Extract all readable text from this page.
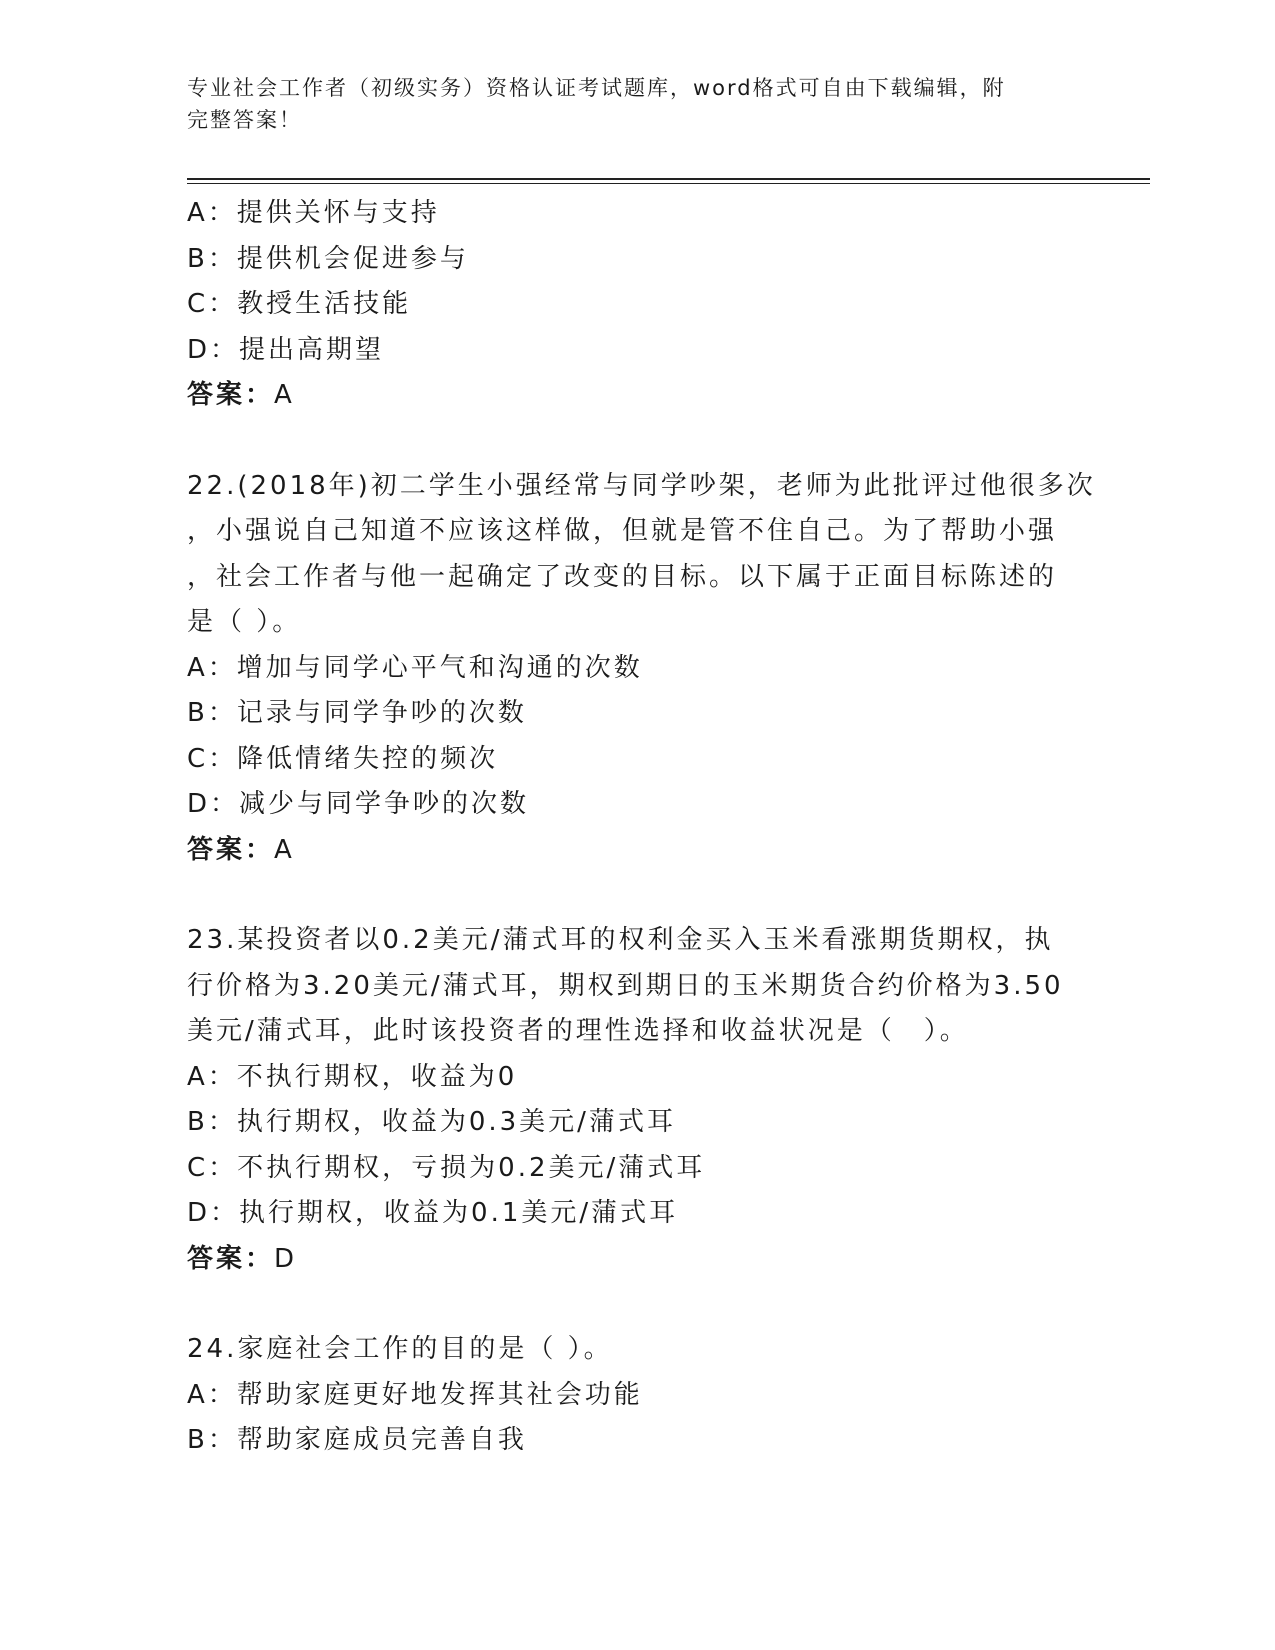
专业社会工作者（初级实务）资格认证考试题库，word格式可自由下载编辑，附
完整答案！
A：提供关怀与支持
B：提供机会促进参与
C：教授生活技能
D：提出高期望
答案：A
22.(2018年)初二学生小强经常与同学吵架，老师为此批评过他很多次
，小强说自己知道不应该这样做，但就是管不住自己。为了帮助小强
，社会工作者与他一起确定了改变的目标。以下属于正面目标陈述的
是（ ）。
A：增加与同学心平气和沟通的次数
B：记录与同学争吵的次数
C：降低情绪失控的频次
D：减少与同学争吵的次数
答案：A
23.某投资者以0.2美元/蒲式耳的权利金买入玉米看涨期货期权，执
行价格为3.20美元/蒲式耳，期权到期日的玉米期货合约价格为3.50
美元/蒲式耳，此时该投资者的理性选择和收益状况是（　）。
A：不执行期权，收益为0
B：执行期权，收益为0.3美元/蒲式耳
C：不执行期权，亏损为0.2美元/蒲式耳
D：执行期权，收益为0.1美元/蒲式耳
答案：D
24.家庭社会工作的目的是（ ）。
A：帮助家庭更好地发挥其社会功能
B：帮助家庭成员完善自我
